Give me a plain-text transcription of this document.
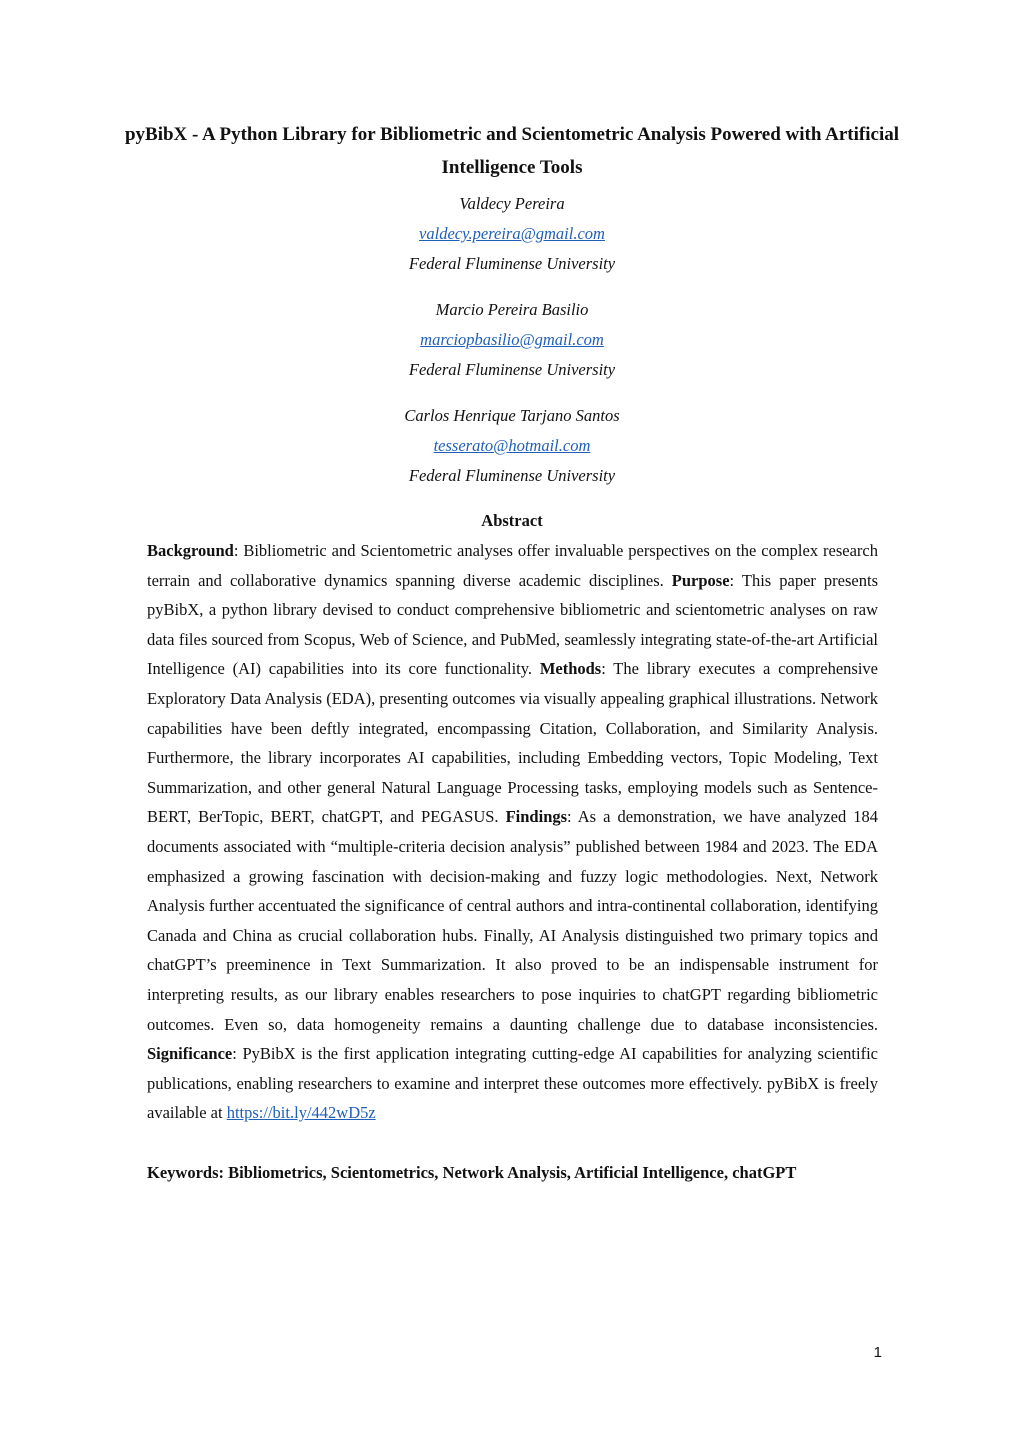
pyBibX - A Python Library for Bibliometric and Scientometric Analysis Powered with Artificial Intelligence Tools
Valdecy Pereira
valdecy.pereira@gmail.com
Federal Fluminense University
Marcio Pereira Basilio
marciopbasilio@gmail.com
Federal Fluminense University
Carlos Henrique Tarjano Santos
tesserato@hotmail.com
Federal Fluminense University
Abstract

Background: Bibliometric and Scientometric analyses offer invaluable perspectives on the complex research terrain and collaborative dynamics spanning diverse academic disciplines. Purpose: This paper presents pyBibX, a python library devised to conduct comprehensive bibliometric and scientometric analyses on raw data files sourced from Scopus, Web of Science, and PubMed, seamlessly integrating state-of-the-art Artificial Intelligence (AI) capabilities into its core functionality. Methods: The library executes a comprehensive Exploratory Data Analysis (EDA), presenting outcomes via visually appealing graphical illustrations. Network capabilities have been deftly integrated, encompassing Citation, Collaboration, and Similarity Analysis. Furthermore, the library incorporates AI capabilities, including Embedding vectors, Topic Modeling, Text Summarization, and other general Natural Language Processing tasks, employing models such as Sentence-BERT, BerTopic, BERT, chatGPT, and PEGASUS. Findings: As a demonstration, we have analyzed 184 documents associated with “multiple-criteria decision analysis” published between 1984 and 2023. The EDA emphasized a growing fascination with decision-making and fuzzy logic methodologies. Next, Network Analysis further accentuated the significance of central authors and intra-continental collaboration, identifying Canada and China as crucial collaboration hubs. Finally, AI Analysis distinguished two primary topics and chatGPT’s preeminence in Text Summarization. It also proved to be an indispensable instrument for interpreting results, as our library enables researchers to pose inquiries to chatGPT regarding bibliometric outcomes. Even so, data homogeneity remains a daunting challenge due to database inconsistencies. Significance: PyBibX is the first application integrating cutting-edge AI capabilities for analyzing scientific publications, enabling researchers to examine and interpret these outcomes more effectively. pyBibX is freely available at https://bit.ly/442wD5z

Keywords: Bibliometrics, Scientometrics, Network Analysis, Artificial Intelligence, chatGPT
1
